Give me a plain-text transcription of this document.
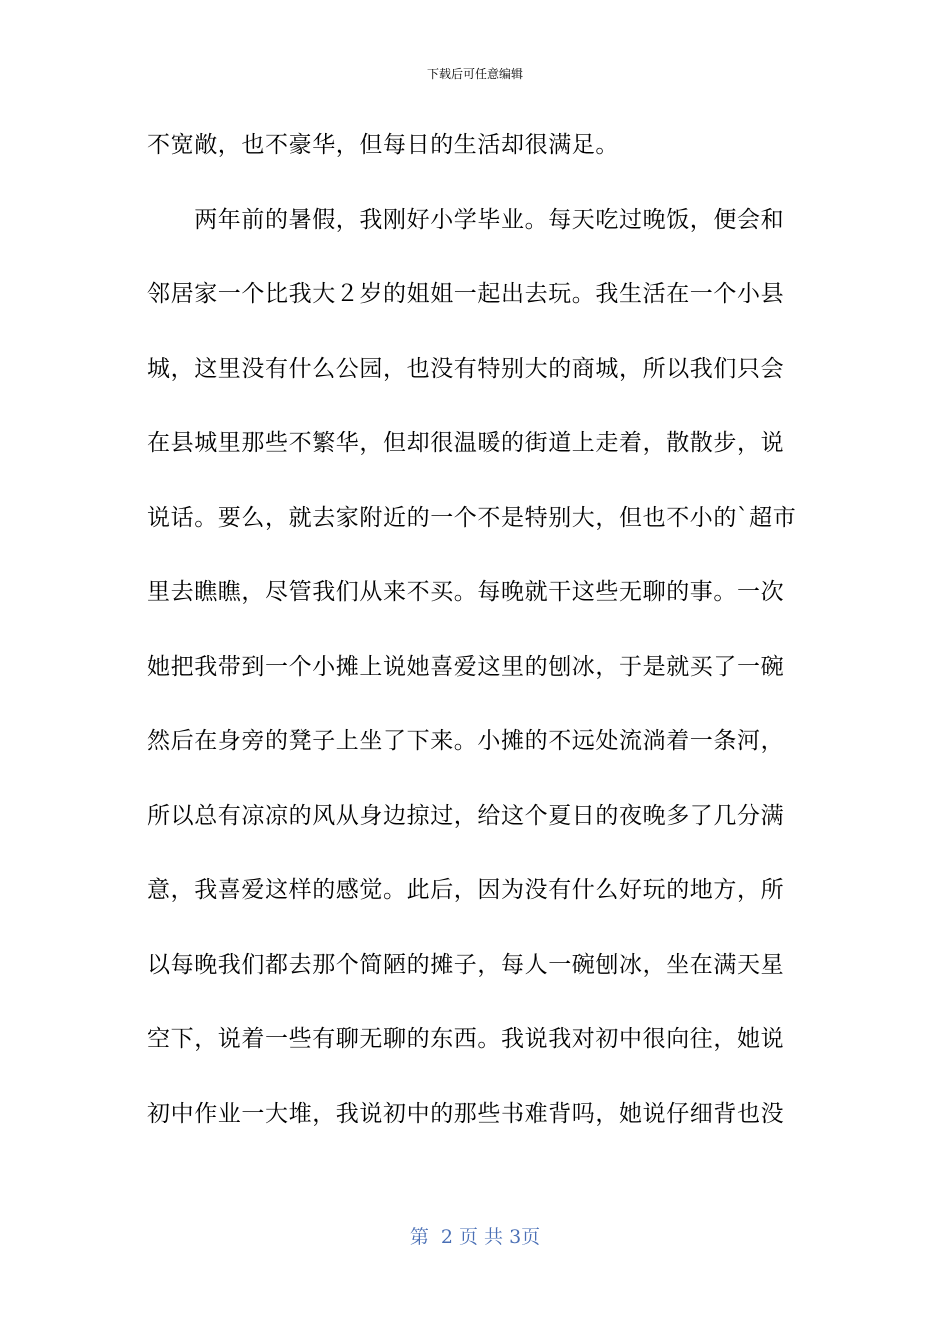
下载后可任意编辑
不宽敞，也不豪华，但每日的生活却很满足。
　　两年前的暑假，我刚好小学毕业。每天吃过晚饭，便会和
邻居家一个比我大２岁的姐姐一起出去玩。我生活在一个小县
城，这里没有什么公园，也没有特别大的商城，所以我们只会
在县城里那些不繁华，但却很温暖的街道上走着，散散步，说
说话。要么，就去家附近的一个不是特别大，但也不小的`超市
里去瞧瞧，尽管我们从来不买。每晚就干这些无聊的事。一次
她把我带到一个小摊上说她喜爱这里的刨冰，于是就买了一碗
然后在身旁的凳子上坐了下来。小摊的不远处流淌着一条河，
所以总有凉凉的风从身边掠过，给这个夏日的夜晚多了几分满
意，我喜爱这样的感觉。此后，因为没有什么好玩的地方，所
以每晚我们都去那个简陋的摊子，每人一碗刨冰，坐在满天星
空下，说着一些有聊无聊的东西。我说我对初中很向往，她说
初中作业一大堆，我说初中的那些书难背吗，她说仔细背也没
第  2 页 共 3页
